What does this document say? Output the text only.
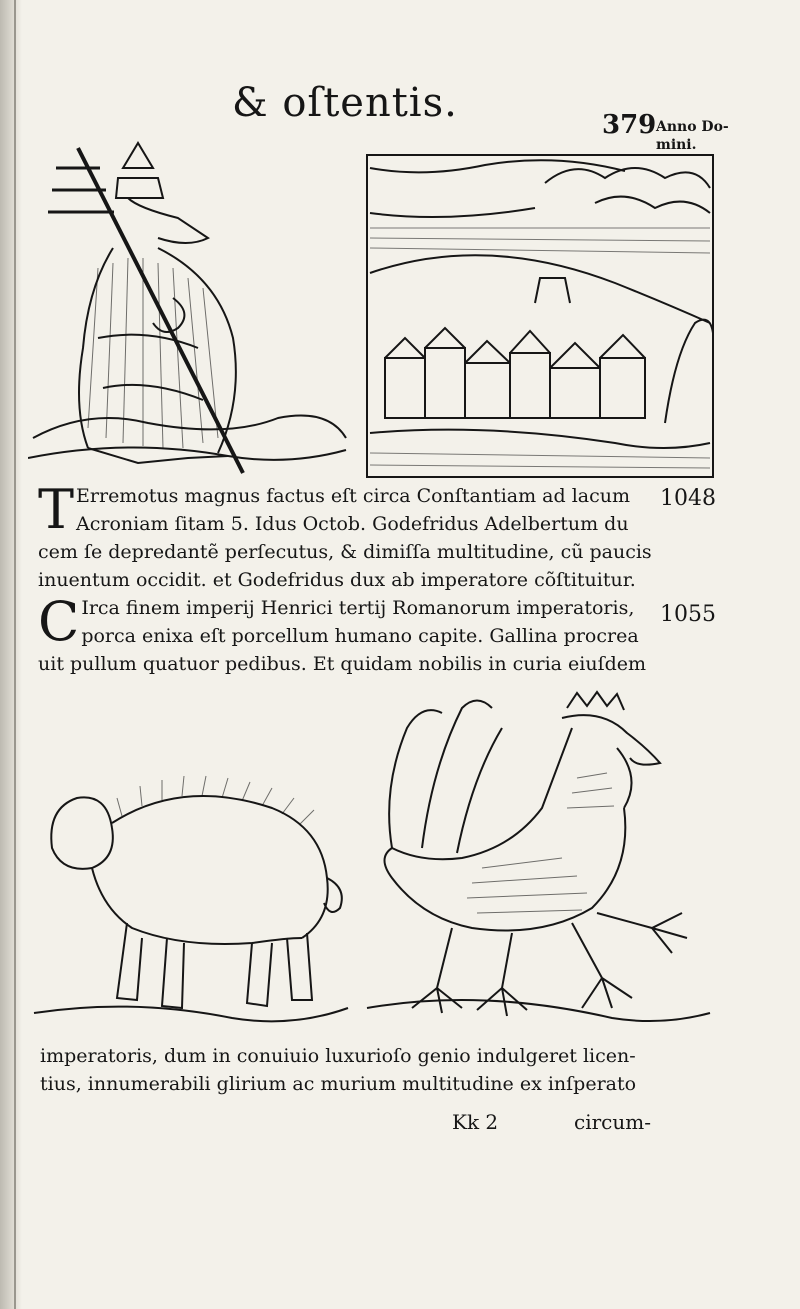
& oſtentis.	379 Anno Do-
mini.
T Erremotus magnus factus eſt circa Conſtantiam ad lacum
Acroniam ſitam 5. Idus Octob. Godefridus Adelbertum du
cem ſe depredantẽ perſecutus, & dimiſſa multitudine, cũ paucis
inuentum occidit. et Godefridus dux ab imperatore cõſtituitur.
1048
C Irca finem imperij Henrici tertij Romanorum imperatoris,
porca enixa eſt porcellum humano capite. Gallina procrea
uit pullum quatuor pedibus. Et quidam nobilis in curia eiuſdem
1055
imperatoris, dum in conuiuio luxurioſo genio indulgeret licen-
tius, innumerabili glirium ac murium multitudine ex inſperato
Kk 2	circum-
